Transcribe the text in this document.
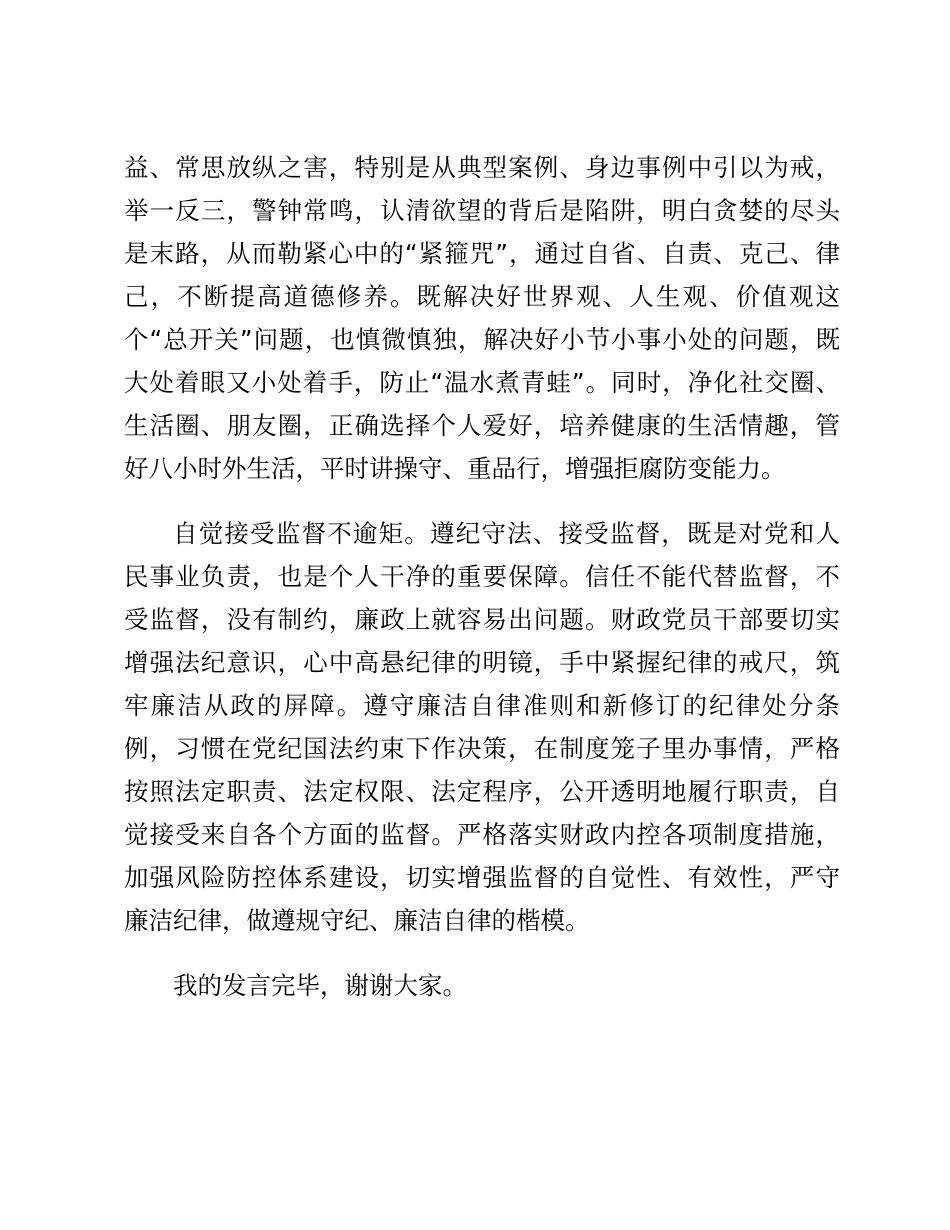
益、常思放纵之害，特别是从典型案例、身边事例中引以为戒，
举一反三，警钟常鸣，认清欲望的背后是陷阱，明白贪婪的尽头
是末路，从而勒紧心中的“紧箍咒”，通过自省、自责、克己、律
己，不断提高道德修养。既解决好世界观、人生观、价值观这
个“总开关”问题，也慎微慎独，解决好小节小事小处的问题，既
大处着眼又小处着手，防止“温水煮青蛙”。同时，净化社交圈、
生活圈、朋友圈，正确选择个人爱好，培养健康的生活情趣，管
好八小时外生活，平时讲操守、重品行，增强拒腐防变能力。
自觉接受监督不逾矩。遵纪守法、接受监督，既是对党和人
民事业负责，也是个人干净的重要保障。信任不能代替监督，不
受监督，没有制约，廉政上就容易出问题。财政党员干部要切实
增强法纪意识，心中高悬纪律的明镜，手中紧握纪律的戒尺，筑
牢廉洁从政的屏障。遵守廉洁自律准则和新修订的纪律处分条
例，习惯在党纪国法约束下作决策，在制度笼子里办事情，严格
按照法定职责、法定权限、法定程序，公开透明地履行职责，自
觉接受来自各个方面的监督。严格落实财政内控各项制度措施，
加强风险防控体系建设，切实增强监督的自觉性、有效性，严守
廉洁纪律，做遵规守纪、廉洁自律的楷模。
我的发言完毕，谢谢大家。
